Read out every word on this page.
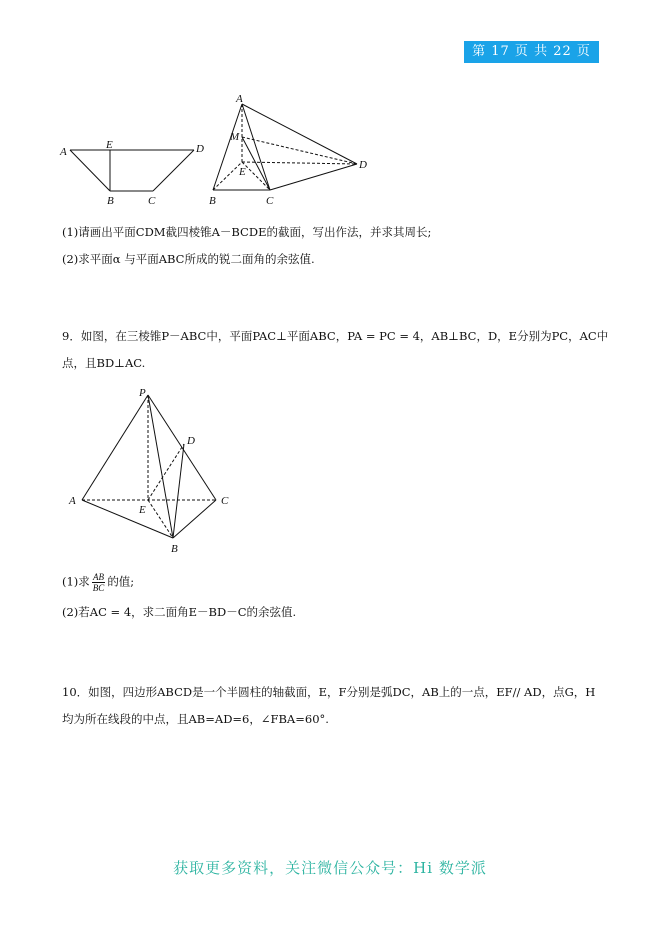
第 17 页 共 22 页
A
E	D
B	C
A
M
E
D
B	C
(1)请画出平面CDM截四棱锥A－BCDE的截面，写出作法，并求其周长;
(2)求平面α 与平面ABC所成的锐二面角的余弦值.
9．如图，在三棱锥P－ABC中，平面PAC⊥平面ABC，PA = PC = 4，AB⊥BC，D，E分别为PC，AC中
点，且BD⊥AC.
P
D
A
E
C
B
(1)求 $\frac{AB}{BC}$ 的值;
(2)若AC = 4，求二面角E－BD－C的余弦值.
10．如图，四边形ABCD是一个半圆柱的轴截面，E，F分别是弧DC，AB上的一点，EF// AD，点G，H
均为所在线段的中点，且AB=AD=6，∠FBA=60°.
获取更多资料，关注微信公众号：Hi 数学派
